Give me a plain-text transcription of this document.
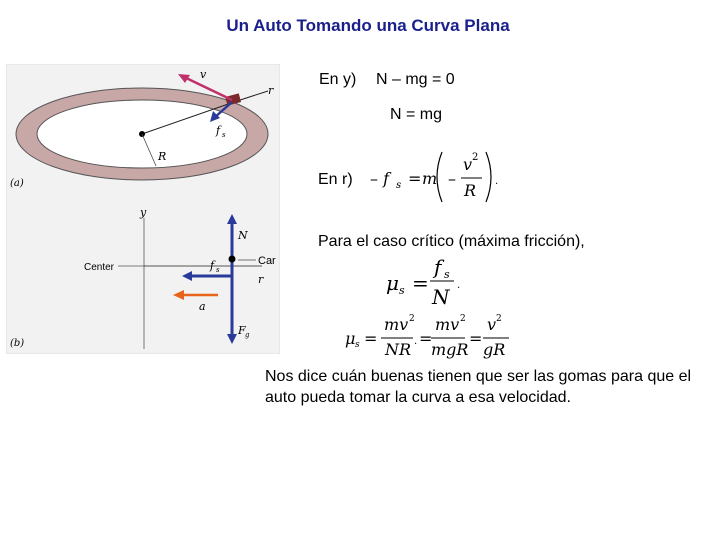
Un Auto Tomando una Curva Plana
v
r
f s
R
(a)
y
Center
Car
r
N
f s
a
F g
(b)
En y) N – mg = 0
N = mg
En r) – f s = m –
v 2
R .
Para el caso crítico (máxima fricción),
μ s =
f s
N .
μ s =
mv 2
NR . =
mv 2
mgR
=
v 2
gR
Nos dice cuán buenas tienen que ser las gomas para que el auto pueda tomar la curva a esa velocidad.
